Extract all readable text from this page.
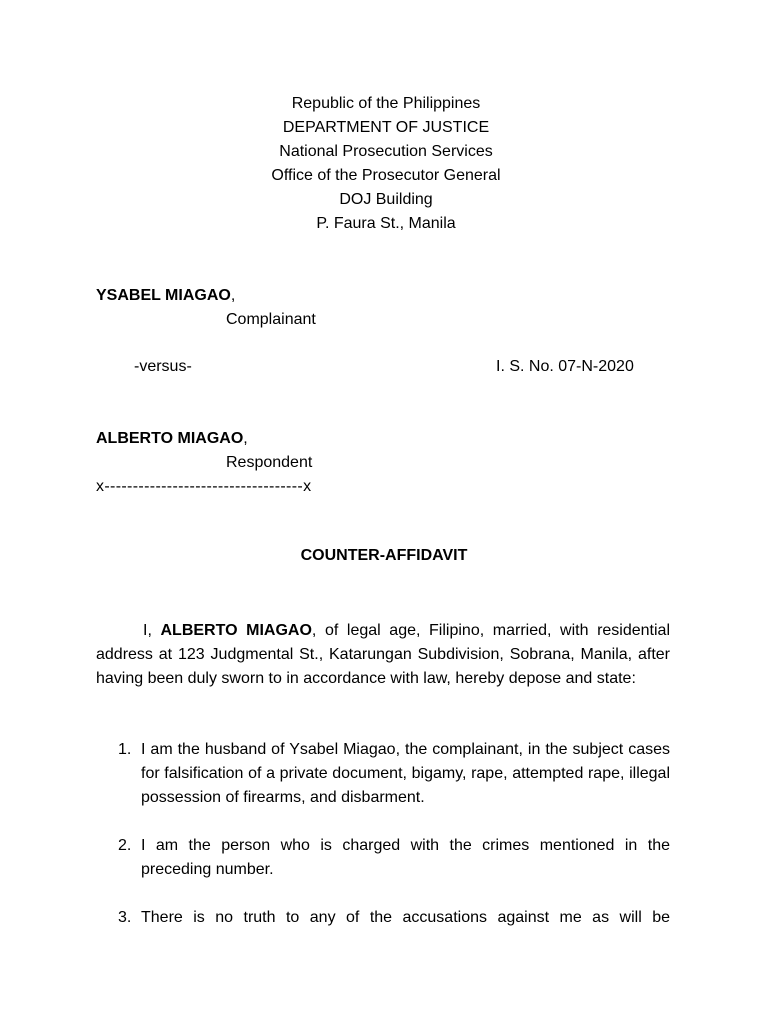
Republic of the Philippines
DEPARTMENT OF JUSTICE
National Prosecution Services
Office of the Prosecutor General
DOJ Building
P. Faura St., Manila
YSABEL MIAGAO,
Complainant
-versus-	I. S. No. 07-N-2020
ALBERTO MIAGAO,
Respondent
x-----------------------------------x
COUNTER-AFFIDAVIT
I, ALBERTO MIAGAO, of legal age, Filipino, married, with residential address at 123 Judgmental St., Katarungan Subdivision, Sobrana, Manila, after having been duly sworn to in accordance with law, hereby depose and state:
1. I am the husband of Ysabel Miagao, the complainant, in the subject cases for falsification of a private document, bigamy, rape, attempted rape, illegal possession of firearms, and disbarment.
2. I am the person who is charged with the crimes mentioned in the preceding number.
3. There is no truth to any of the accusations against me as will be
